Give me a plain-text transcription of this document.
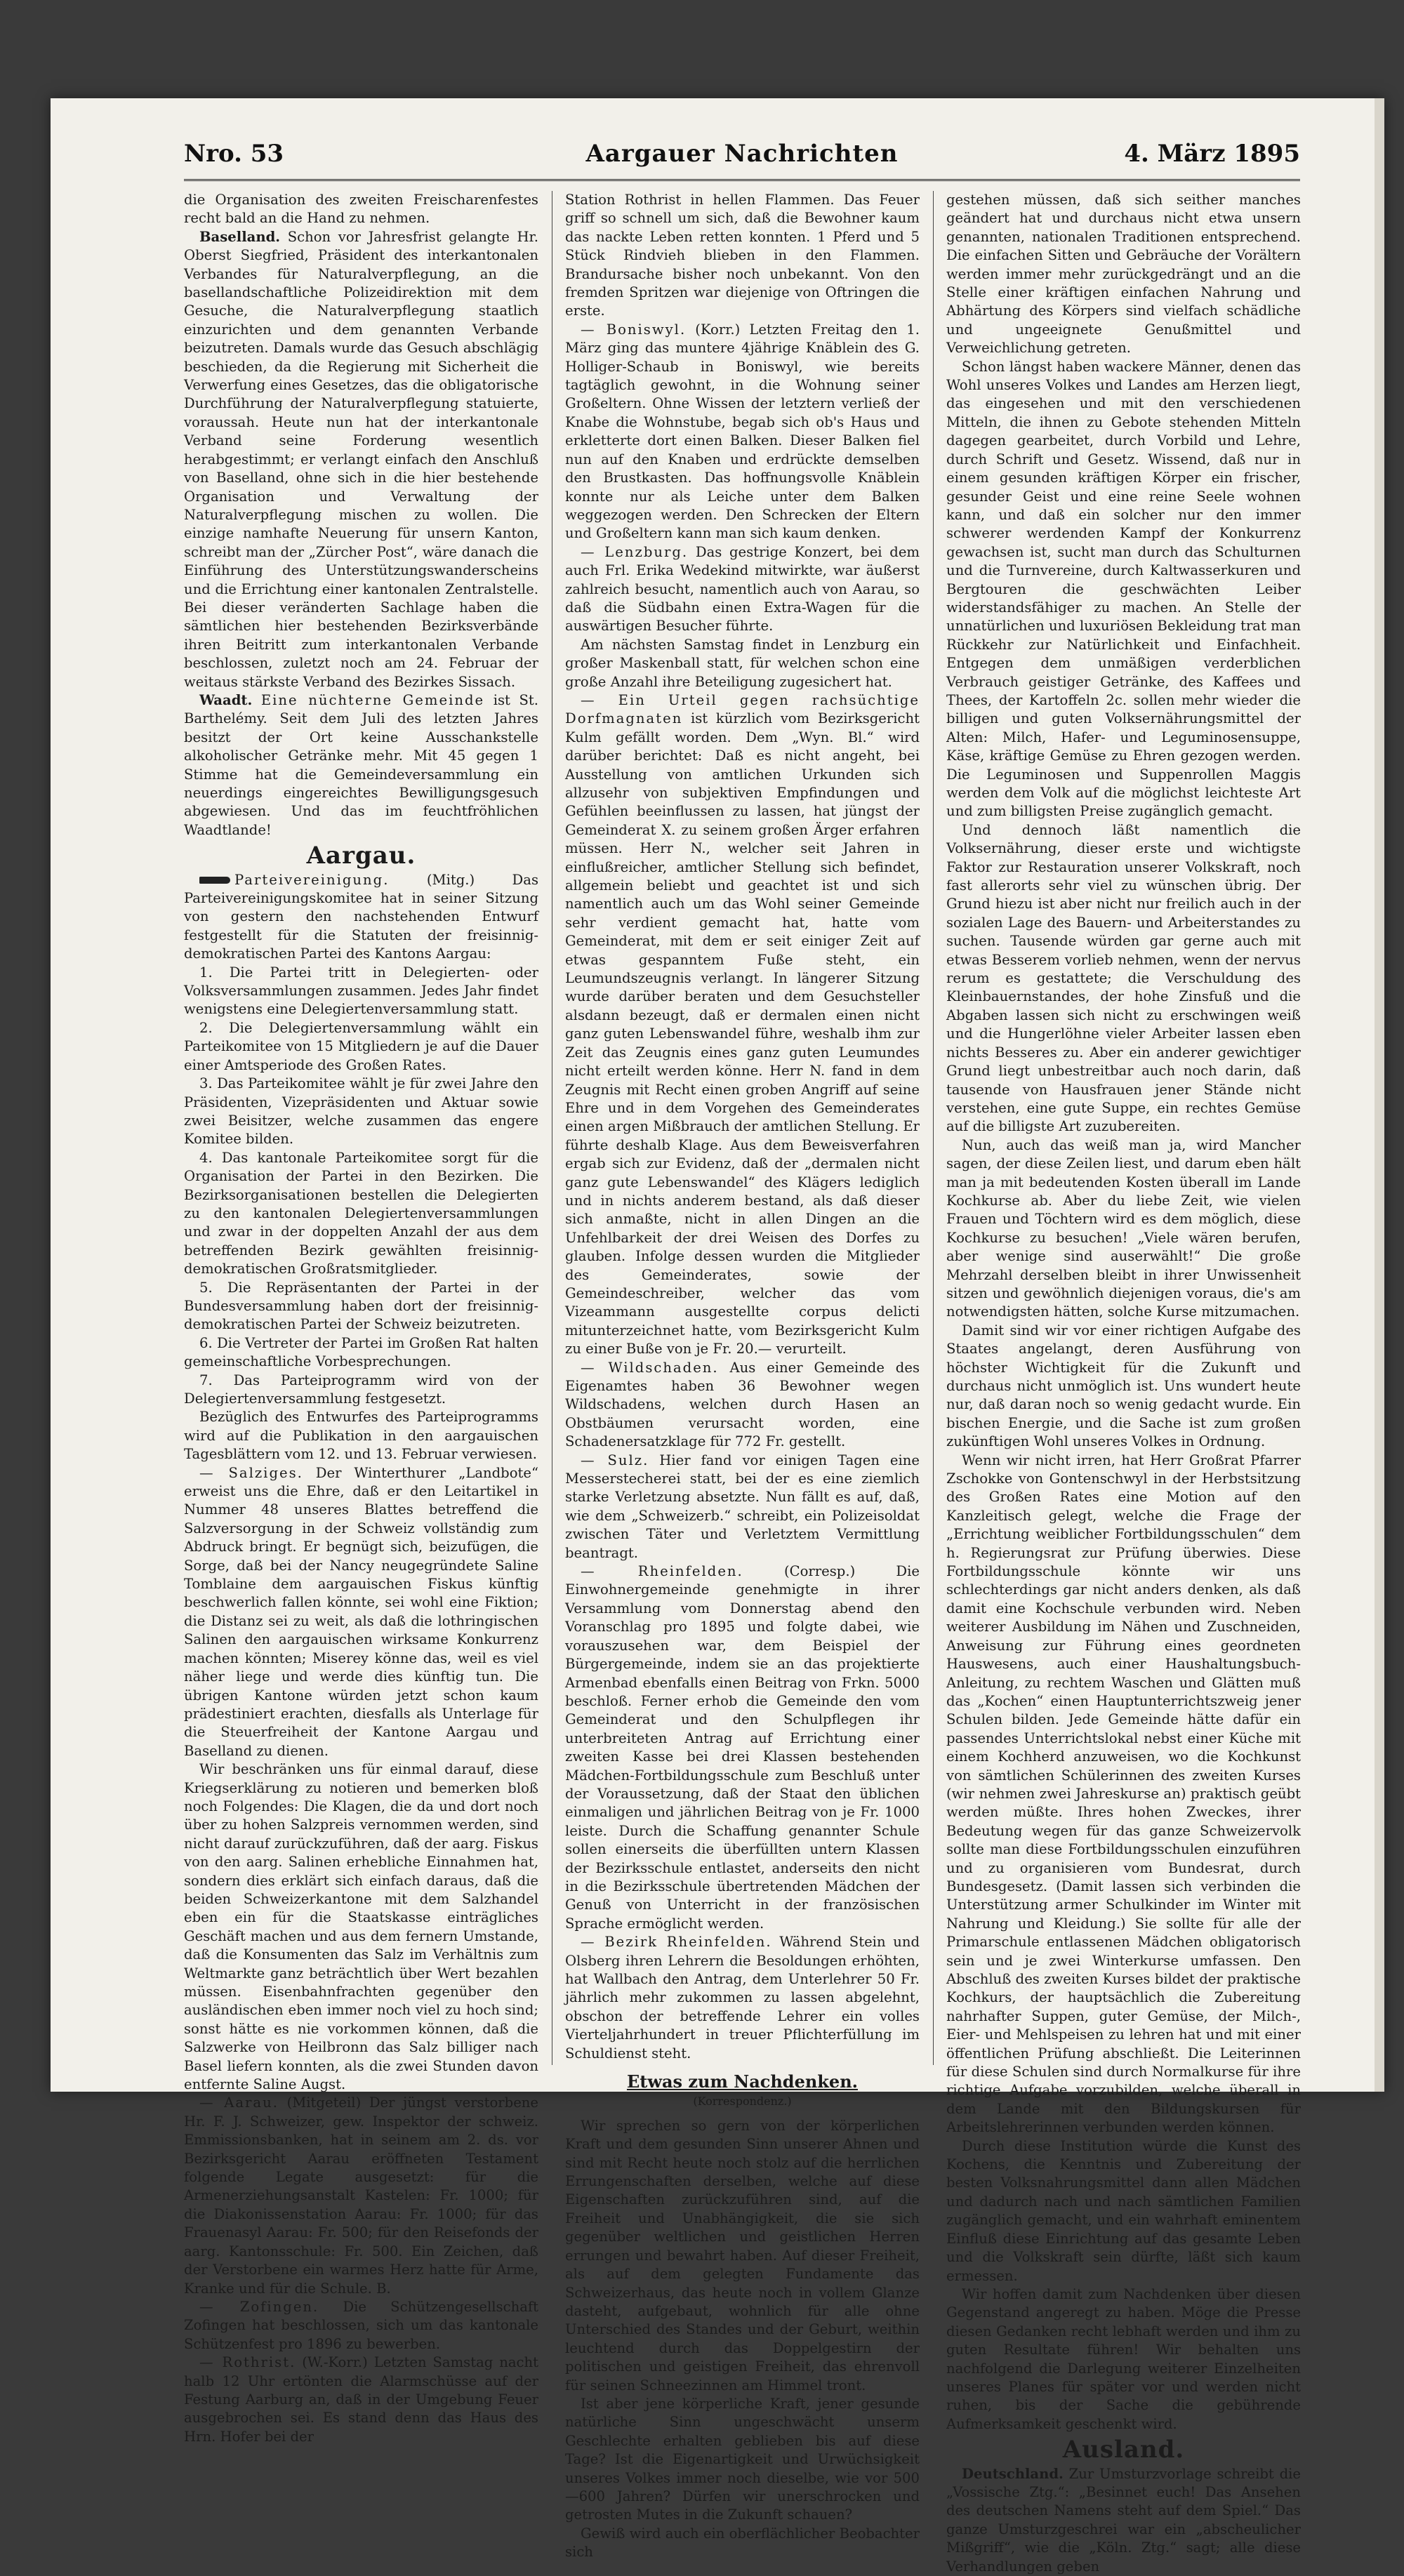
Nro. 53	Aargauer Nachrichten	4. März 1895

die Organisation des zweiten Freischarenfestes recht bald an die Hand zu nehmen.

Baselland. Schon vor Jahresfrist gelangte Hr. Oberst Siegfried, Präsident des interkantonalen Verbandes für Naturalverpflegung, an die basellandschaftliche Polizeidirektion mit dem Gesuche, die Naturalverpflegung staatlich einzurichten und dem genannten Verbande beizutreten. Damals wurde das Gesuch abschlägig beschieden, da die Regierung mit Sicherheit die Verwerfung eines Gesetzes, das die obligatorische Durchführung der Naturalverpflegung statuierte, voraussah. Heute nun hat der interkantonale Verband seine Forderung wesentlich herabgestimmt; er verlangt einfach den Anschluß von Baselland, ohne sich in die hier bestehende Organisation und Verwaltung der Naturalverpflegung mischen zu wollen. Die einzige namhafte Neuerung für unsern Kanton, schreibt man der „Zürcher Post“, wäre danach die Einführung des Unterstützungswanderscheins und die Errichtung einer kantonalen Zentralstelle. Bei dieser veränderten Sachlage haben die sämtlichen hier bestehenden Bezirksverbände ihren Beitritt zum interkantonalen Verbande beschlossen, zuletzt noch am 24. Februar der weitaus stärkste Verband des Bezirkes Sissach.

Waadt. Eine nüchterne Gemeinde ist St. Barthelémy. Seit dem Juli des letzten Jahres besitzt der Ort keine Ausschankstelle alkoholischer Getränke mehr. Mit 45 gegen 1 Stimme hat die Gemeindeversammlung ein neuerdings eingereichtes Bewilligungsgesuch abgewiesen. Und das im feuchtfröhlichen Waadtlande!

Aargau.

Parteivereinigung.	(Mitg.) Das Parteivereinigungskomitee hat in seiner Sitzung von gestern den nachstehenden Entwurf festgestellt für die Statuten der freisinnig-demokratischen Partei des Kantons Aargau:

1. Die Partei tritt in Delegierten- oder Volksversammlungen zusammen. Jedes Jahr findet wenigstens eine Delegiertenversammlung statt.

2. Die Delegiertenversammlung wählt ein Parteikomitee von 15 Mitgliedern je auf die Dauer einer Amtsperiode des Großen Rates.

3. Das Parteikomitee wählt je für zwei Jahre den Präsidenten, Vizepräsidenten und Aktuar sowie zwei Beisitzer, welche zusammen das engere Komitee bilden.

4. Das kantonale Parteikomitee sorgt für die Organisation der Partei in den Bezirken. Die Bezirksorganisationen bestellen die Delegierten zu den kantonalen Delegiertenversammlungen und zwar in der doppelten Anzahl der aus dem betreffenden Bezirk gewählten freisinnig-demokratischen Großratsmitglieder.

5. Die Repräsentanten der Partei in der Bundesversammlung haben dort der freisinnig-demokratischen Partei der Schweiz beizutreten.

6. Die Vertreter der Partei im Großen Rat halten gemeinschaftliche Vorbesprechungen.

7. Das Parteiprogramm wird von der Delegiertenversammlung festgesetzt.

Bezüglich des Entwurfes des Parteiprogramms wird auf die Publikation in den aargauischen Tagesblättern vom 12. und 13. Februar verwiesen.

— Salziges. Der Winterthurer „Landbote“ erweist uns die Ehre, daß er den Leitartikel in Nummer 48 unseres Blattes betreffend die Salzversorgung in der Schweiz vollständig zum Abdruck bringt. Er begnügt sich, beizufügen, die Sorge, daß bei der Nancy neugegründete Saline Tomblaine dem aargauischen Fiskus künftig beschwerlich fallen könnte, sei wohl eine Fiktion; die Distanz sei zu weit, als daß die lothringischen Salinen den aargauischen wirksame Konkurrenz machen könnten; Miserey könne das, weil es viel näher liege und werde dies künftig tun. Die übrigen Kantone würden jetzt schon kaum prädestiniert erachten, diesfalls als Unterlage für die Steuerfreiheit der Kantone Aargau und Baselland zu dienen.

Wir beschränken uns für einmal darauf, diese Kriegserklärung zu notieren und bemerken bloß noch Folgendes: Die Klagen, die da und dort noch über zu hohen Salzpreis vernommen werden, sind nicht darauf zurückzuführen, daß der aarg. Fiskus von den aarg. Salinen erhebliche Einnahmen hat, sondern dies erklärt sich einfach daraus, daß die beiden Schweizerkantone mit dem Salzhandel eben ein für die Staatskasse einträgliches Geschäft machen und aus dem fernern Umstande, daß die Konsumenten das Salz im Verhältnis zum Weltmarkte ganz beträchtlich über Wert bezahlen müssen. Eisenbahnfrachten gegenüber den ausländischen eben immer noch viel zu hoch sind; sonst hätte es nie vorkommen können, daß die Salzwerke von Heilbronn das Salz billiger nach Basel liefern konnten, als die zwei Stunden davon entfernte Saline Augst.

— Aarau. (Mitgeteil) Der jüngst verstorbene Hr. F. J. Schweizer, gew. Inspektor der schweiz. Emmissionsbanken, hat in seinem am 2. ds. vor Bezirksgericht Aarau eröffneten Testament folgende Legate ausgesetzt: für die Armenerziehungsanstalt Kastelen: Fr. 1000; für die Diakonissenstation Aarau: Fr. 1000; für das Frauenasyl Aarau: Fr. 500; für den Reisefonds der aarg. Kantonsschule: Fr. 500. Ein Zeichen, daß der Verstorbene ein warmes Herz hatte für Arme, Kranke und für die Schule. B.

— Zofingen. Die Schützengesellschaft Zofingen hat beschlossen, sich um das kantonale Schützenfest pro 1896 zu bewerben.

— Rothrist. (W.-Korr.) Letzten Samstag nacht halb 12 Uhr ertönten die Alarmschüsse auf der Festung Aarburg an, daß in der Umgebung Feuer ausgebrochen sei. Es stand denn das Haus des Hrn. Hofer bei der

Station Rothrist in hellen Flammen. Das Feuer griff so schnell um sich, daß die Bewohner kaum das nackte Leben retten konnten. 1 Pferd und 5 Stück Rindvieh blieben in den Flammen. Brandursache bisher noch unbekannt. Von den fremden Spritzen war diejenige von Oftringen die erste.

— Boniswyl. (Korr.) Letzten Freitag den 1. März ging das muntere 4jährige Knäblein des G. Holliger-Schaub in Boniswyl, wie bereits tagtäglich gewohnt, in die Wohnung seiner Großeltern. Ohne Wissen der letztern verließ der Knabe die Wohnstube, begab sich ob's Haus und erkletterte dort einen Balken. Dieser Balken fiel nun auf den Knaben und erdrückte demselben den Brustkasten. Das hoffnungsvolle Knäblein konnte nur als Leiche unter dem Balken weggezogen werden. Den Schrecken der Eltern und Großeltern kann man sich kaum denken.

— Lenzburg. Das gestrige Konzert, bei dem auch Frl. Erika Wedekind mitwirkte, war äußerst zahlreich besucht, namentlich auch von Aarau, so daß die Südbahn einen Extra-Wagen für die auswärtigen Besucher führte.

Am nächsten Samstag findet in Lenzburg ein großer Maskenball statt, für welchen schon eine große Anzahl ihre Beteiligung zugesichert hat.

— Ein Urteil gegen rachsüchtige Dorfmagnaten ist kürzlich vom Bezirksgericht Kulm gefällt worden. Dem „Wyn. Bl.“ wird darüber berichtet: Daß es nicht angeht, bei Ausstellung von amtlichen Urkunden sich allzusehr von subjektiven Empfindungen und Gefühlen beeinflussen zu lassen, hat jüngst der Gemeinderat X. zu seinem großen Ärger erfahren müssen. Herr N., welcher seit Jahren in einflußreicher, amtlicher Stellung sich befindet, allgemein beliebt und geachtet ist und sich namentlich auch um das Wohl seiner Gemeinde sehr verdient gemacht hat, hatte vom Gemeinderat, mit dem er seit einiger Zeit auf etwas gespanntem Fuße steht, ein Leumundszeugnis verlangt. In längerer Sitzung wurde darüber beraten und dem Gesuchsteller alsdann bezeugt, daß er dermalen einen nicht ganz guten Lebenswandel führe, weshalb ihm zur Zeit das Zeugnis eines ganz guten Leumundes nicht erteilt werden könne. Herr N. fand in dem Zeugnis mit Recht einen groben Angriff auf seine Ehre und in dem Vorgehen des Gemeinderates einen argen Mißbrauch der amtlichen Stellung. Er führte deshalb Klage. Aus dem Beweisverfahren ergab sich zur Evidenz, daß der „dermalen nicht ganz gute Lebenswandel“ des Klägers lediglich und in nichts anderem bestand, als daß dieser sich anmaßte, nicht in allen Dingen an die Unfehlbarkeit der drei Weisen des Dorfes zu glauben. Infolge dessen wurden die Mitglieder des Gemeinderates, sowie der Gemeindeschreiber, welcher das vom Vizeammann ausgestellte corpus delicti mitunterzeichnet hatte, vom Bezirksgericht Kulm zu einer Buße von je Fr. 20.— verurteilt.

— Wildschaden. Aus einer Gemeinde des Eigenamtes haben 36 Bewohner wegen Wildschadens, welchen durch Hasen an Obstbäumen verursacht worden, eine Schadenersatzklage für 772 Fr. gestellt.

— Sulz. Hier fand vor einigen Tagen eine Messerstecherei statt, bei der es eine ziemlich starke Verletzung absetzte. Nun fällt es auf, daß, wie dem „Schweizerb.“ schreibt, ein Polizeisoldat zwischen Täter und Verletztem Vermittlung beantragt.

— Rheinfelden.	(Corresp.) Die Einwohnergemeinde genehmigte in ihrer Versammlung vom Donnerstag abend den Voranschlag pro 1895 und folgte dabei, wie vorauszusehen war, dem Beispiel der Bürgergemeinde, indem sie an das projektierte Armenbad ebenfalls einen Beitrag von Frkn. 5000 beschloß. Ferner erhob die Gemeinde den vom Gemeinderat und den Schulpflegen ihr unterbreiteten Antrag auf Errichtung einer zweiten Kasse bei drei Klassen bestehenden Mädchen-Fortbildungsschule zum Beschluß unter der Voraussetzung, daß der Staat den üblichen einmaligen und jährlichen Beitrag von je Fr. 1000 leiste. Durch die Schaffung genannter Schule sollen einerseits die überfüllten untern Klassen der Bezirksschule entlastet, anderseits den nicht in die Bezirksschule übertretenden Mädchen der Genuß von Unterricht in der französischen Sprache ermöglicht werden.

— Bezirk Rheinfelden. Während Stein und Olsberg ihren Lehrern die Besoldungen erhöhten, hat Wallbach den Antrag, dem Unterlehrer 50 Fr. jährlich mehr zukommen zu lassen abgelehnt, obschon der betreffende Lehrer ein volles Vierteljahrhundert in treuer Pflichterfüllung im Schuldienst steht.

Etwas zum Nachdenken.
(Korrespondenz.)

Wir sprechen so gern von der körperlichen Kraft und dem gesunden Sinn unserer Ahnen und sind mit Recht heute noch stolz auf die herrlichen Errungenschaften derselben, welche auf diese Eigenschaften zurückzuführen sind, auf die Freiheit und Unabhängigkeit, die sie sich gegenüber weltlichen und geistlichen Herren errungen und bewahrt haben. Auf dieser Freiheit, als auf dem gelegten Fundamente das Schweizerhaus, das heute noch in vollem Glanze dasteht, aufgebaut, wohnlich für alle ohne Unterschied des Standes und der Geburt, weithin leuchtend durch das Doppelgestirn der politischen und geistigen Freiheit, das ehrenvoll für seinen Schneezinnen am Himmel tront.

Ist aber jene körperliche Kraft, jener gesunde natürliche Sinn ungeschwächt unserm Geschlechte erhalten geblieben bis auf diese Tage? Ist die Eigenartigkeit und Urwüchsigkeit unseres Volkes immer noch dieselbe, wie vor 500—600 Jahren? Dürfen wir unerschrocken und getrosten Mutes in die Zukunft schauen?

Gewiß wird auch ein oberflächlicher Beobachter sich

gestehen müssen, daß sich seither manches geändert hat und durchaus nicht etwa unsern genannten, nationalen Traditionen entsprechend. Die einfachen Sitten und Gebräuche der Vorältern werden immer mehr zurückgedrängt und an die Stelle einer kräftigen einfachen Nahrung und Abhärtung des Körpers sind vielfach schädliche und ungeeignete Genußmittel und Verweichlichung getreten.

Schon längst haben wackere Männer, denen das Wohl unseres Volkes und Landes am Herzen liegt, das eingesehen und mit den verschiedenen Mitteln, die ihnen zu Gebote stehenden Mitteln dagegen gearbeitet, durch Vorbild und Lehre, durch Schrift und Gesetz. Wissend, daß nur in einem gesunden kräftigen Körper ein frischer, gesunder Geist und eine reine Seele wohnen kann, und daß ein solcher nur den immer schwerer werdenden Kampf der Konkurrenz gewachsen ist, sucht man durch das Schulturnen und die Turnvereine, durch Kaltwasserkuren und Bergtouren die geschwächten Leiber widerstandsfähiger zu machen. An Stelle der unnatürlichen und luxuriösen Bekleidung trat man Rückkehr zur Natürlichkeit und Einfachheit. Entgegen dem unmäßigen verderblichen Verbrauch geistiger Getränke, des Kaffees und Thees, der Kartoffeln 2c. sollen mehr wieder die billigen und guten Volksernährungsmittel der Alten: Milch, Hafer- und Leguminosensuppe, Käse, kräftige Gemüse zu Ehren gezogen werden. Die Leguminosen und Suppenrollen Maggis werden dem Volk auf die möglichst leichteste Art und zum billigsten Preise zugänglich gemacht.

Und dennoch läßt namentlich die Volksernährung, dieser erste und wichtigste Faktor zur Restauration unserer Volkskraft, noch fast allerorts sehr viel zu wünschen übrig. Der Grund hiezu ist aber nicht nur freilich auch in der sozialen Lage des Bauern- und Arbeiterstandes zu suchen. Tausende würden gar gerne auch mit etwas Besserem vorlieb nehmen, wenn der nervus rerum es gestattete; die Verschuldung des Kleinbauernstandes, der hohe Zinsfuß und die Abgaben lassen sich nicht zu erschwingen weiß und die Hungerlöhne vieler Arbeiter lassen eben nichts Besseres zu. Aber ein anderer gewichtiger Grund liegt unbestreitbar auch noch darin, daß tausende von Hausfrauen jener Stände nicht verstehen, eine gute Suppe, ein rechtes Gemüse auf die billigste Art zuzubereiten.

Nun, auch das weiß man ja, wird Mancher sagen, der diese Zeilen liest, und darum eben hält man ja mit bedeutenden Kosten überall im Lande Kochkurse ab. Aber du liebe Zeit, wie vielen Frauen und Töchtern wird es dem möglich, diese Kochkurse zu besuchen! „Viele wären berufen, aber wenige sind auserwählt!“ Die große Mehrzahl derselben bleibt in ihrer Unwissenheit sitzen und gewöhnlich diejenigen voraus, die's am notwendigsten hätten, solche Kurse mitzumachen.

Damit sind wir vor einer richtigen Aufgabe des Staates angelangt, deren Ausführung von höchster Wichtigkeit für die Zukunft und durchaus nicht unmöglich ist. Uns wundert heute nur, daß daran noch so wenig gedacht wurde. Ein bischen Energie, und die Sache ist zum großen zukünftigen Wohl unseres Volkes in Ordnung.

Wenn wir nicht irren, hat Herr Großrat Pfarrer Zschokke von Gontenschwyl in der Herbstsitzung des Großen Rates eine Motion auf den Kanzleitisch gelegt, welche die Frage der „Errichtung weiblicher Fortbildungsschulen“ dem h. Regierungsrat zur Prüfung überwies. Diese Fortbildungsschule könnte wir uns schlechterdings gar nicht anders denken, als daß damit eine Kochschule verbunden wird. Neben weiterer Ausbildung im Nähen und Zuschneiden, Anweisung zur Führung eines geordneten Hauswesens, auch einer Haushaltungsbuch-Anleitung, zu rechtem Waschen und Glätten muß das „Kochen“ einen Hauptunterrichtszweig jener Schulen bilden. Jede Gemeinde hätte dafür ein passendes Unterrichtslokal nebst einer Küche mit einem Kochherd anzuweisen, wo die Kochkunst von sämtlichen Schülerinnen des zweiten Kurses (wir nehmen zwei Jahreskurse an) praktisch geübt werden müßte. Ihres hohen Zweckes, ihrer Bedeutung wegen für das ganze Schweizervolk sollte man diese Fortbildungsschulen einzuführen und zu organisieren vom Bundesrat, durch Bundesgesetz. (Damit lassen sich verbinden die Unterstützung armer Schulkinder im Winter mit Nahrung und Kleidung.) Sie sollte für alle der Primarschule entlassenen Mädchen obligatorisch sein und je zwei Winterkurse umfassen. Den Abschluß des zweiten Kurses bildet der praktische Kochkurs, der hauptsächlich die Zubereitung nahrhafter Suppen, guter Gemüse, der Milch-, Eier- und Mehlspeisen zu lehren hat und mit einer öffentlichen Prüfung abschließt. Die Leiterinnen für diese Schulen sind durch Normalkurse für ihre richtige Aufgabe vorzubilden, welche überall in dem Lande mit den Bildungskursen für Arbeitslehrerinnen verbunden werden können.

Durch diese Institution würde die Kunst des Kochens, die Kenntnis und Zubereitung der besten Volksnahrungsmittel dann allen Mädchen und dadurch nach und nach sämtlichen Familien zugänglich gemacht, und ein wahrhaft eminentem Einfluß diese Einrichtung auf das gesamte Leben und die Volkskraft sein dürfte, läßt sich kaum ermessen.

Wir hoffen damit zum Nachdenken über diesen Gegenstand angeregt zu haben. Möge die Presse diesen Gedanken recht lebhaft werden und ihm zu guten Resultate führen! Wir behalten uns nachfolgend die Darlegung weiterer Einzelheiten unseres Planes für später vor und werden nicht ruhen, bis der Sache die gebührende Aufmerksamkeit geschenkt wird.

Ausland.

Deutschland. Zur Umsturzvorlage schreibt die „Vossische Ztg.“: „Besinnet euch! Das Ansehen des deutschen Namens steht auf dem Spiel.“ Das ganze Umsturzgeschrei war ein „abscheulicher Mißgriff“, wie die „Köln. Ztg.“ sagt; alle diese Verhandlungen geben
